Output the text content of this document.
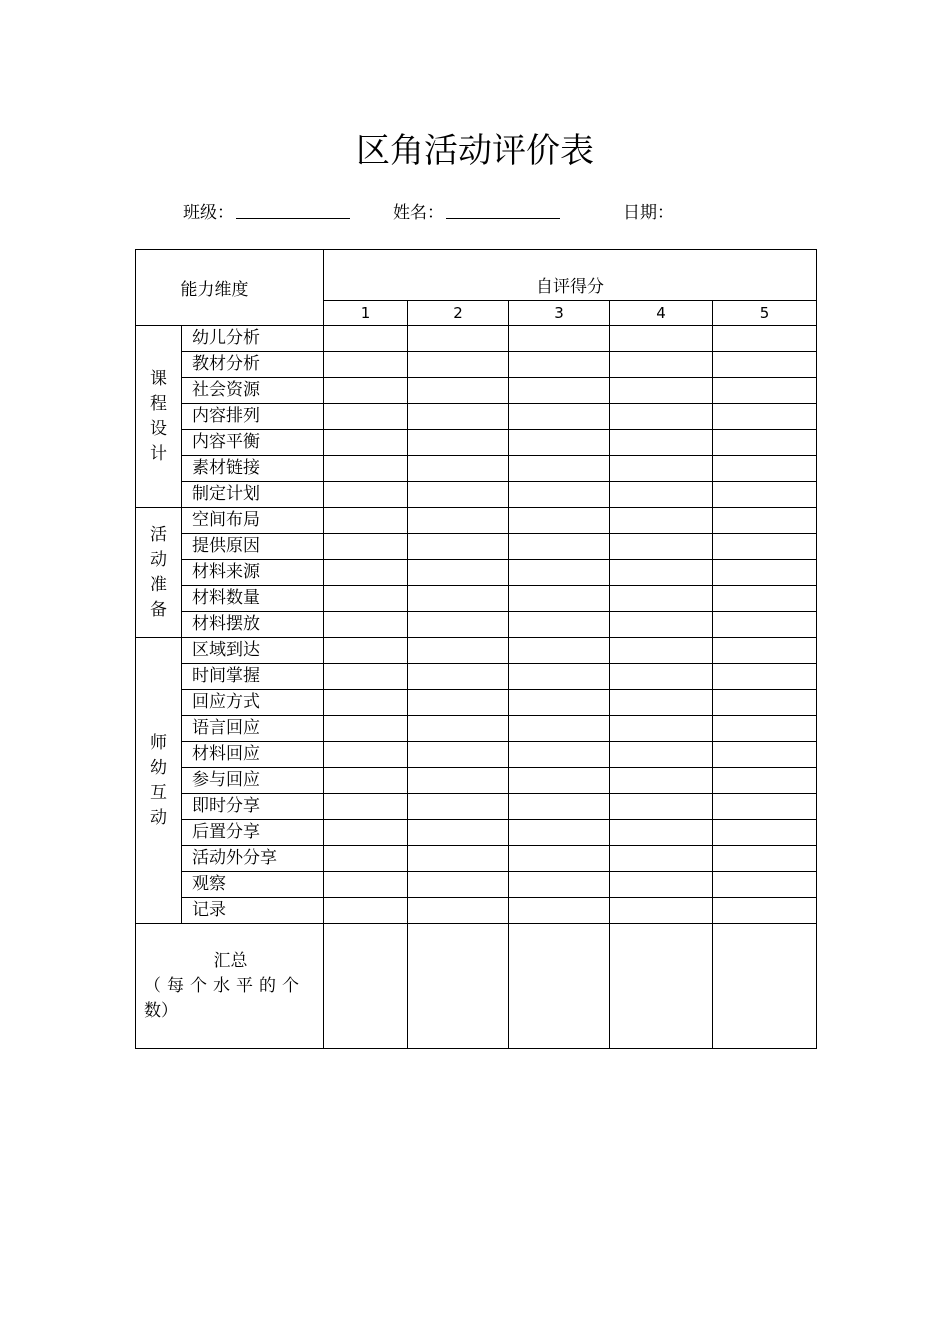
区角活动评价表
班级：	姓名：	日期：
能力维度		自评得分				
		1	2	3	4	5

课
程
设
计	幼儿分析					
	教材分析					
	社会资源					
	内容排列					
	内容平衡					
	素材链接					
	制定计划					

活
动
准
备	空间布局					
	提供原因					
	材料来源					
	材料数量					
	材料摆放					

师
幼
互
动	区域到达					
	时间掌握					
	回应方式					
	语言回应					
	材料回应					
	参与回应					
	即时分享					
	后置分享					
	活动外分享					
	观察					
	记录					

汇总
（每个水平的个
数）						
